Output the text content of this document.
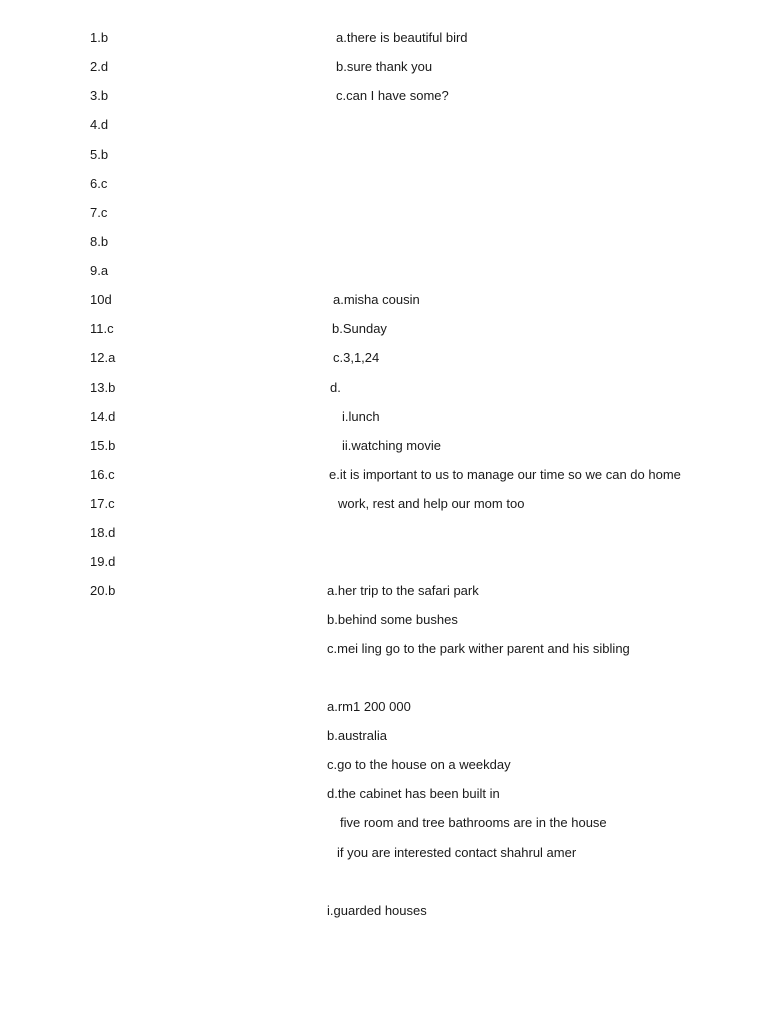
1.b
2.d
3.b
4.d
5.b
6.c
7.c
8.b
9.a
10d
11.c
12.a
13.b
14.d
15.b
16.c
17.c
18.d
19.d
20.b
a.there is beautiful bird
b.sure thank you
c.can I have some?
a.misha cousin
b.Sunday
c.3,1,24
d.
i.lunch
ii.watching movie
e.it is important to us to manage our time so we can do home
work, rest and help our mom too
a.her trip to the safari park
b.behind some bushes
c.mei ling go to the park wither parent and his sibling
a.rm1 200 000
b.australia
c.go to the house on a weekday
d.the cabinet has been built in
five room and tree bathrooms are in the house
if you are interested contact shahrul amer
i.guarded houses
